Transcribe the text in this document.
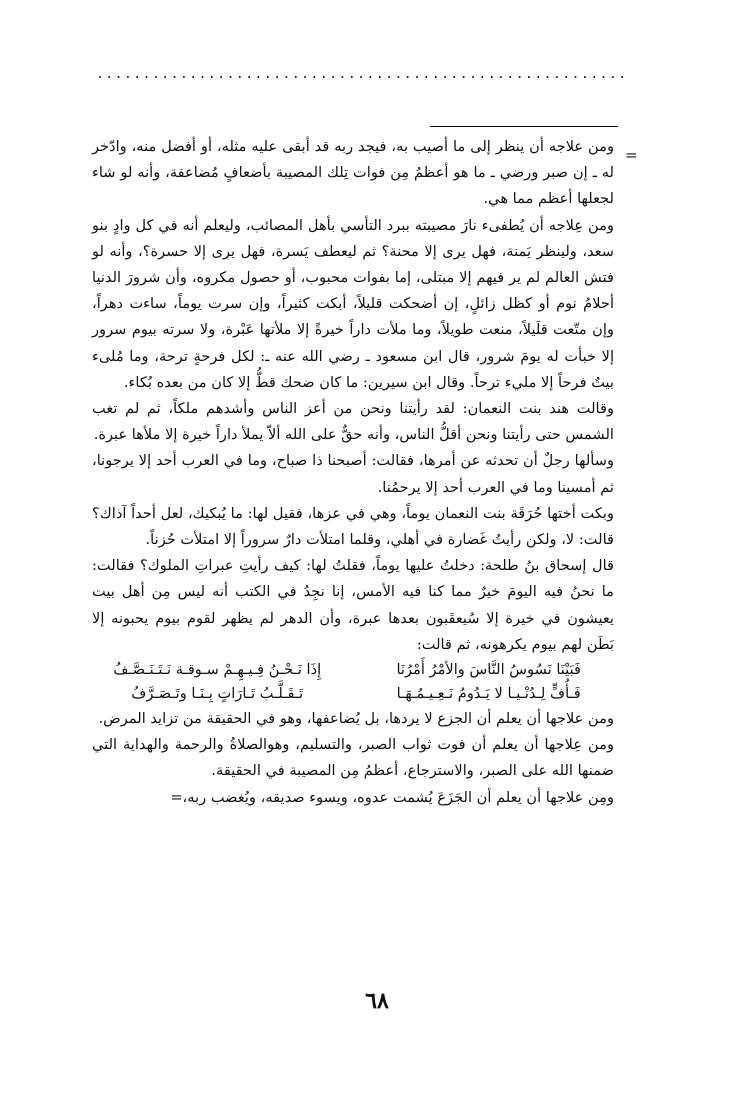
.........................................................
=

ومن علاجه أن ينظر إلى ما أصيب به، فيجد ربه قد أبقى عليه مثله، أو أفضل منه، وادّخر له ـ إن صبر ورضي ـ ما هو أعظمُ مِن فوات تِلك المصيبة بأضعافٍ مُضاعفة، وأنه لو شاء لجعلها أعظم مما هي.

ومن عِلاجه أن يُطفىء نارَ مصيبته ببرد التأسي بأهل المصائب، وليعلم أنه في كل وادٍ بنو سعد، ولينظر يَمنة، فهل يرى إلا محنة؟ ثم ليعطف يَسرة، فهل يرى إلا حسرة؟، وأنه لو فتش العالم لم ير فيهم إلا مبتلى، إما بفوات محبوب، أو حصول مكروه، وأن شرورَ الدنيا أحلامُ نوم أو كظل زائلٍ، إن أضحكت قليلاً، أبكت كثيراً، وإن سرت يوماً، ساءت دهراً، وإن متّعت قلَيلاً، منعت طويلاً، وما ملأت داراً خيرةً إلا ملأتها عَبْرة، ولا سرته بيوم سرور إلا خبأت له يومَ شرور، قال ابن مسعود ـ رضي الله عنه ـ: لكل فرحةٍ ترحة، وما مُلىء بيتٌ فرحاً إلا مليء ترحاً. وقال ابن سيرين: ما كان ضحك قطُّ إلا كان من بعده بُكاء.

وقالت هند بنت النعمان: لقد رأيتنا ونحن من أعز الناس وأشدهم ملكاً، ثم لم تغب الشمس حتى رأيتنا ونحن أقلُّ الناس، وأنه حقٌّ على الله ألاّ يملأ داراً خيرة إلا ملأها عبرة.

وسألها رجلٌ أن تحدثه عن أمرها، فقالت: أصبحنا ذا صباح، وما في العرب أحد إلا يرجونا، ثم أمسينا وما في العرب أحد إلا يرحمُنا.

وبكت أختها حُرَقَة بنت النعمان يوماً، وهي في عزها، فقيل لها: ما يُبكيك، لعل أحداً آذاك؟ قالت: لا، ولكن رأيتُ غَضارة في أهلي، وقلما امتلأت دارٌ سروراً إلا امتلأت حُزناً.

قال إسحاق بنُ طلحة: دخلتُ عليها يوماً، فقلتُ لها: كيف رأيتِ عبراتِ الملوك؟ فقالت: ما نحنُ فيه اليومَ خيرٌ مما كنا فيه الأمس، إنا نجِدُ في الكتب أنه ليس مِن أهل بيت يعيشون في خيرة إلا سُيعقَبون بعدها عبرة، وأن الدهر لم يظهر لقوم بيوم يحبونه إلا بَطَن لهم بيوم يكرهونه، ثم قالت:

فَبَيْنَا نَسُوسُ النَّاسَ والأمْرُ أَمْرُنَا
إِذَا نَـحْـنُ فِـيـهِـمْ سـوقـة نَـتَـنَـصَّـفُ
فَـأُفٍّ لِـدُنْـيـا لا يَـدُومُ نَـعِـيـمُـهَـا
تَـقَـلَّـبُ تَـارَاتٍ بِـنَـا وتَـصَـرَّفُ

ومن علاجها أن يعلم أن الجزع لا يردها، بل يُضاعفها، وهو في الحقيقة من تزايد المرض.

ومن عِلاجها أن يعلم أن فوت ثواب الصبر، والتسليم، وهوالصلاةُ والرحمة والهداية التي ضمنها الله على الصبر، والاسترجاع، أعظمُ مِن المصيبة في الحقيقة.

ومِن علاجها أن يعلم أن الجَزَعَ يُشمت عدوه، ويسوء صديقه، ويُغضب ربه،=

٦٨
